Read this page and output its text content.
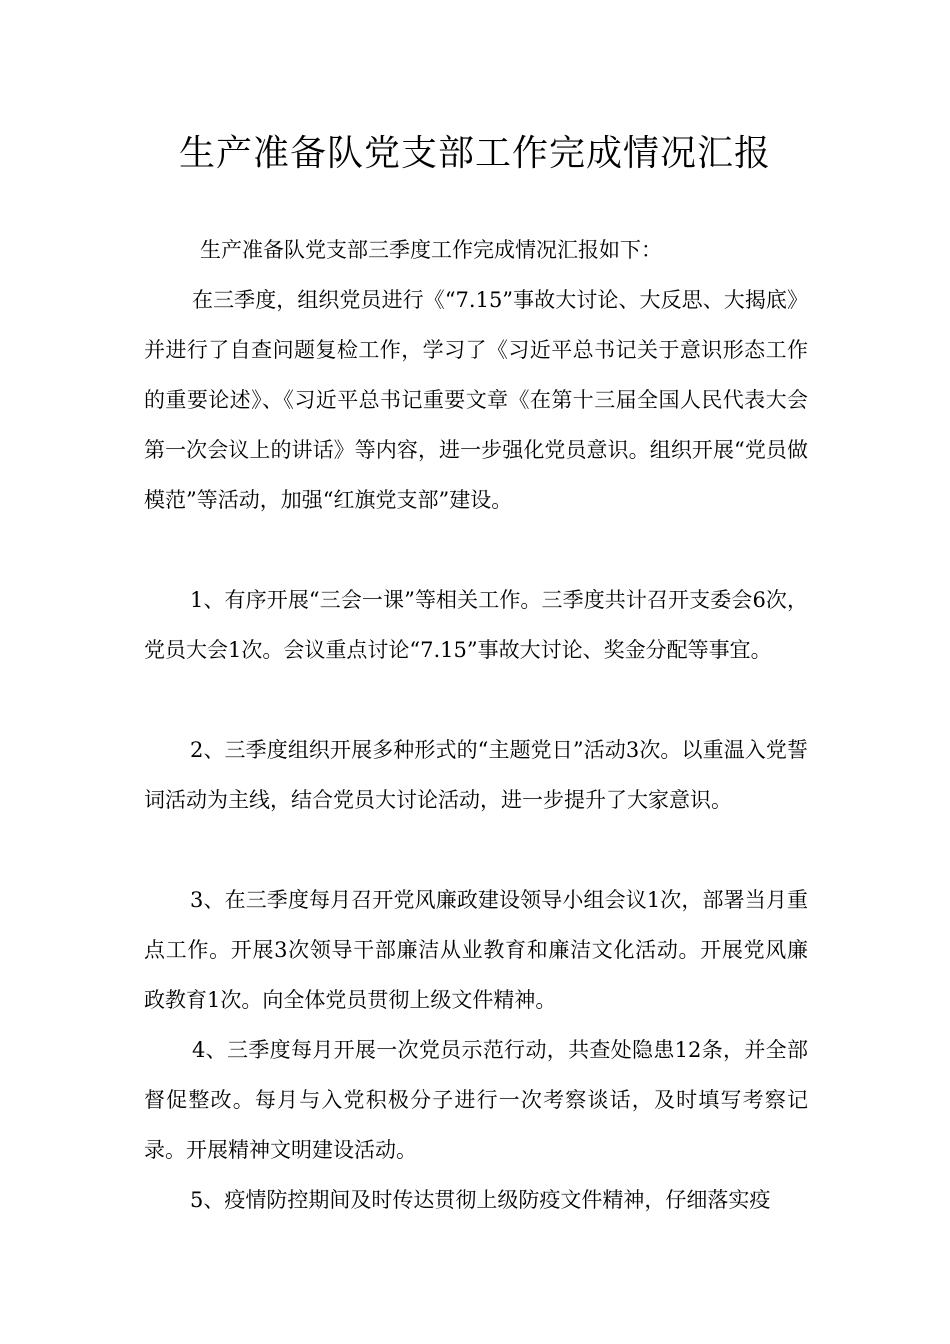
生产准备队党支部工作完成情况汇报

生产准备队党支部三季度工作完成情况汇报如下：

在三季度，组织党员进行《“7.15”事故大讨论、大反思、大揭底》并进行了自查问题复检工作，学习了《习近平总书记关于意识形态工作的重要论述》、《习近平总书记重要文章《在第十三届全国人民代表大会第一次会议上的讲话》等内容，进一步强化党员意识。组织开展“党员做模范”等活动，加强“红旗党支部”建设。

1、有序开展“三会一课”等相关工作。三季度共计召开支委会6次，党员大会1次。会议重点讨论“7.15”事故大讨论、奖金分配等事宜。

2、三季度组织开展多种形式的“主题党日”活动3次。以重温入党誓词活动为主线，结合党员大讨论活动，进一步提升了大家意识。

3、在三季度每月召开党风廉政建设领导小组会议1次，部署当月重点工作。开展3次领导干部廉洁从业教育和廉洁文化活动。开展党风廉政教育1次。向全体党员贯彻上级文件精神。

4、三季度每月开展一次党员示范行动，共查处隐患12条，并全部督促整改。每月与入党积极分子进行一次考察谈话，及时填写考察记录。开展精神文明建设活动。

5、疫情防控期间及时传达贯彻上级防疫文件精神，仔细落实疫
